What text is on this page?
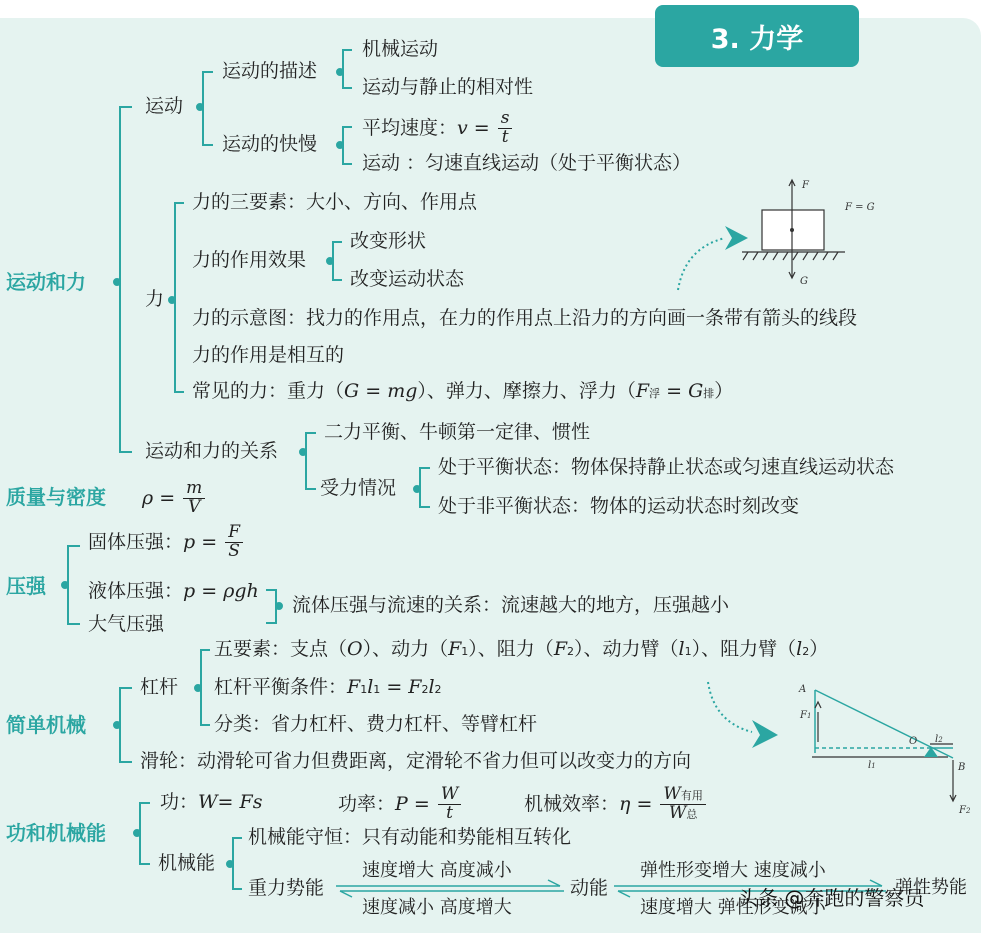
3. 力学
F
F = G
G
A
F1
O l2
l1	B
F2
运动和力
质量与密度
压强
简单机械
功和机械能
运动
运动的描述
机械运动
运动与静止的相对性
运动的快慢
平均速度：$v = \frac{s}{t}$
运动 ：匀速直线运动（处于平衡状态）
力
力的三要素：大小、方向、作用点
力的作用效果
改变形状
改变运动状态
力的示意图：找力的作用点，在力的作用点上沿力的方向画一条带有箭头的线段
力的作用是相互的
常见的力：重力（G = mg）、弹力、摩擦力、浮力（F浮 = G排）
运动和力的关系
二力平衡、牛顿第一定律、惯性
受力情况
处于平衡状态：物体保持静止状态或匀速直线运动状态
处于非平衡状态：物体的运动状态时刻改变
$\rho = \frac{m}{V}$
固体压强：$p = \frac{F}{S}$
液体压强：p = ρgh
大气压强
流体压强与流速的关系：流速越大的地方，压强越小
杠杆
五要素：支点（O）、动力（F1）、阻力（F2）、动力臂（l1）、阻力臂（l2）
杠杆平衡条件：F1l1 = F2l2
分类：省力杠杆、费力杠杆、等臂杠杆
滑轮：动滑轮可省力但费距离，定滑轮不省力但可以改变力的方向
功：W= Fs	功率：$P = \frac{W}{t}$	机械效率：$\eta = \frac{\text{W有用}}{\text{W总}}$
机械能
机械能守恒：只有动能和势能相互转化
重力势能	动能	弹性势能
速度增大 高度减小
速度减小 高度增大
弹性形变增大 速度减小
速度增大 弹性形变减小
头条 @奔跑的警察员
